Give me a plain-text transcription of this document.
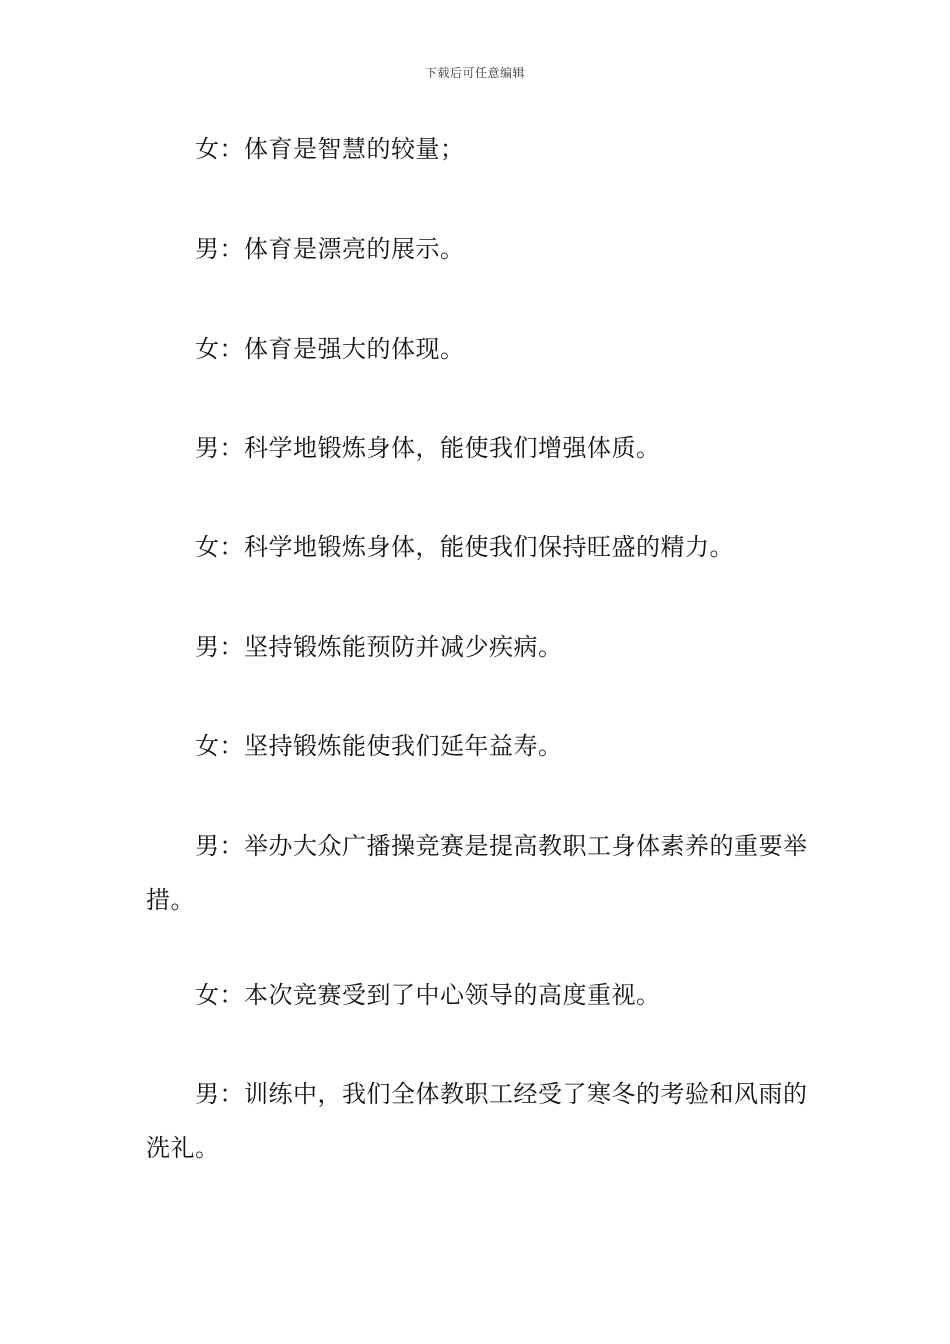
下载后可任意编辑

女：体育是智慧的较量；

男：体育是漂亮的展示。

女：体育是强大的体现。

男：科学地锻炼身体，能使我们增强体质。

女：科学地锻炼身体，能使我们保持旺盛的精力。

男：坚持锻炼能预防并减少疾病。

女：坚持锻炼能使我们延年益寿。

男：举办大众广播操竞赛是提高教职工身体素养的重要举措。

女：本次竞赛受到了中心领导的高度重视。

男：训练中，我们全体教职工经受了寒冬的考验和风雨的洗礼。
